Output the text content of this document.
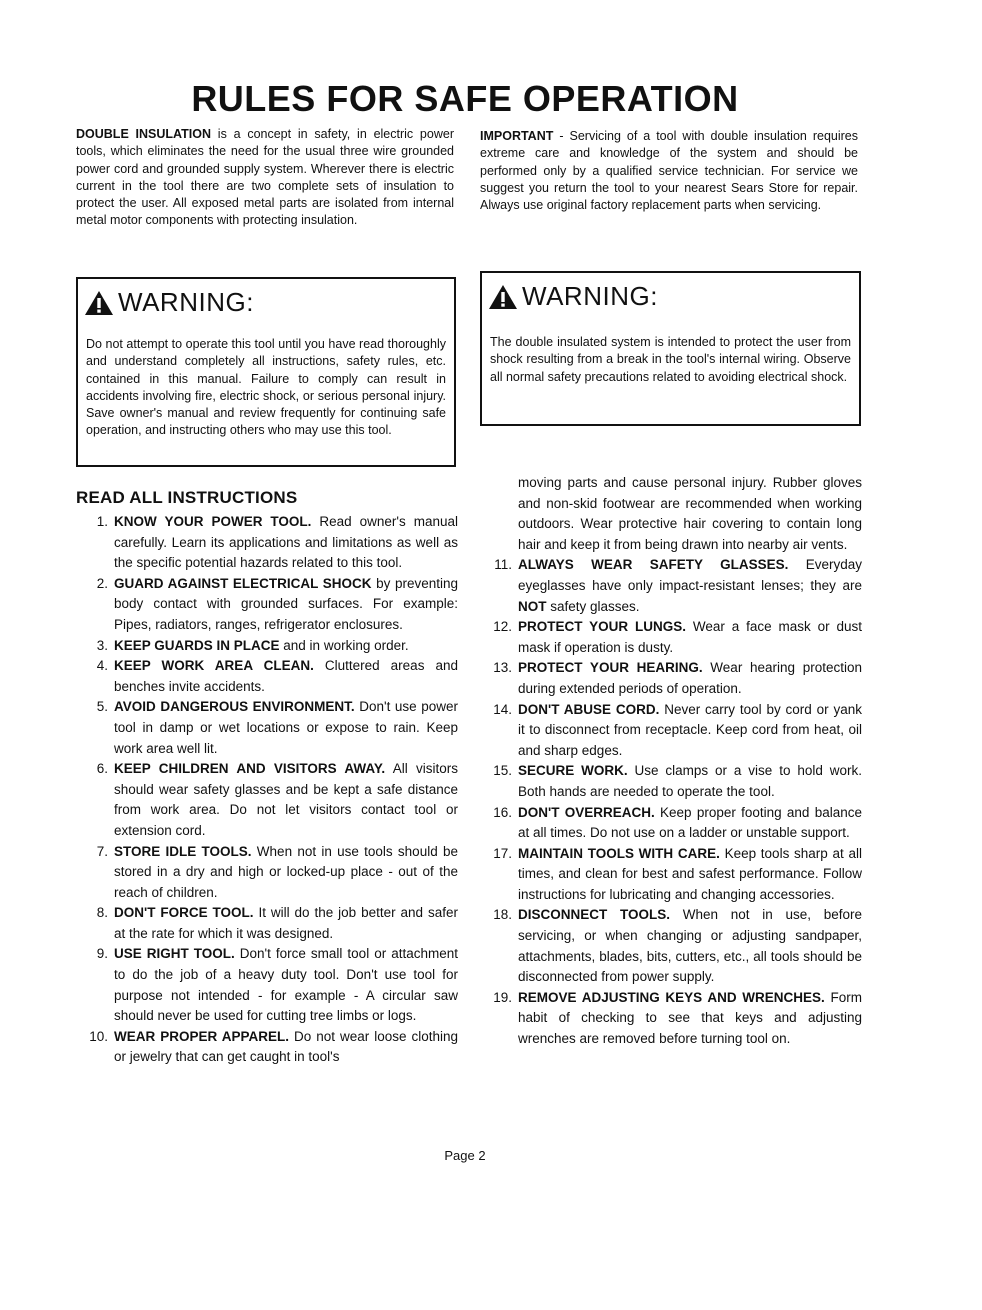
RULES FOR SAFE OPERATION

DOUBLE INSULATION is a concept in safety, in electric power tools, which eliminates the need for the usual three wire grounded power cord and grounded supply system. Wherever there is electric current in the tool there are two complete sets of insulation to protect the user. All exposed metal parts are isolated from internal metal motor components with protecting insulation.

IMPORTANT - Servicing of a tool with double insulation requires extreme care and knowledge of the system and should be performed only by a qualified service technician. For service we suggest you return the tool to your nearest Sears Store for repair. Always use original factory replacement parts when servicing.

WARNING:
Do not attempt to operate this tool until you have read thoroughly and understand completely all instructions, safety rules, etc. contained in this manual. Failure to comply can result in accidents involving fire, electric shock, or serious personal injury. Save owner's manual and review frequently for continuing safe operation, and instructing others who may use this tool.
WARNING:
The double insulated system is intended to protect the user from shock resulting from a break in the tool's internal wiring. Observe all normal safety precautions related to avoiding electrical shock.
READ ALL INSTRUCTIONS
1. KNOW YOUR POWER TOOL. Read owner's manual carefully. Learn its applications and limitations as well as the specific potential hazards related to this tool.
2. GUARD AGAINST ELECTRICAL SHOCK by preventing body contact with grounded surfaces. For example: Pipes, radiators, ranges, refrigerator enclosures.
3. KEEP GUARDS IN PLACE and in working order.
4. KEEP WORK AREA CLEAN. Cluttered areas and benches invite accidents.
5. AVOID DANGEROUS ENVIRONMENT. Don't use power tool in damp or wet locations or expose to rain. Keep work area well lit.
6. KEEP CHILDREN AND VISITORS AWAY. All visitors should wear safety glasses and be kept a safe distance from work area. Do not let visitors contact tool or extension cord.
7. STORE IDLE TOOLS. When not in use tools should be stored in a dry and high or locked-up place - out of the reach of children.
8. DON'T FORCE TOOL. It will do the job better and safer at the rate for which it was designed.
9. USE RIGHT TOOL. Don't force small tool or attachment to do the job of a heavy duty tool. Don't use tool for purpose not intended - for example - A circular saw should never be used for cutting tree limbs or logs.
10. WEAR PROPER APPAREL. Do not wear loose clothing or jewelry that can get caught in tool's
moving parts and cause personal injury. Rubber gloves and non-skid footwear are recommended when working outdoors. Wear protective hair covering to contain long hair and keep it from being drawn into nearby air vents.
11. ALWAYS WEAR SAFETY GLASSES. Everyday eyeglasses have only impact-resistant lenses; they are NOT safety glasses.
12. PROTECT YOUR LUNGS. Wear a face mask or dust mask if operation is dusty.
13. PROTECT YOUR HEARING. Wear hearing protection during extended periods of operation.
14. DON'T ABUSE CORD. Never carry tool by cord or yank it to disconnect from receptacle. Keep cord from heat, oil and sharp edges.
15. SECURE WORK. Use clamps or a vise to hold work. Both hands are needed to operate the tool.
16. DON'T OVERREACH. Keep proper footing and balance at all times. Do not use on a ladder or unstable support.
17. MAINTAIN TOOLS WITH CARE. Keep tools sharp at all times, and clean for best and safest performance. Follow instructions for lubricating and changing accessories.
18. DISCONNECT TOOLS. When not in use, before servicing, or when changing or adjusting sandpaper, attachments, blades, bits, cutters, etc., all tools should be disconnected from power supply.
19. REMOVE ADJUSTING KEYS AND WRENCHES. Form habit of checking to see that keys and adjusting wrenches are removed before turning tool on.

Page 2
